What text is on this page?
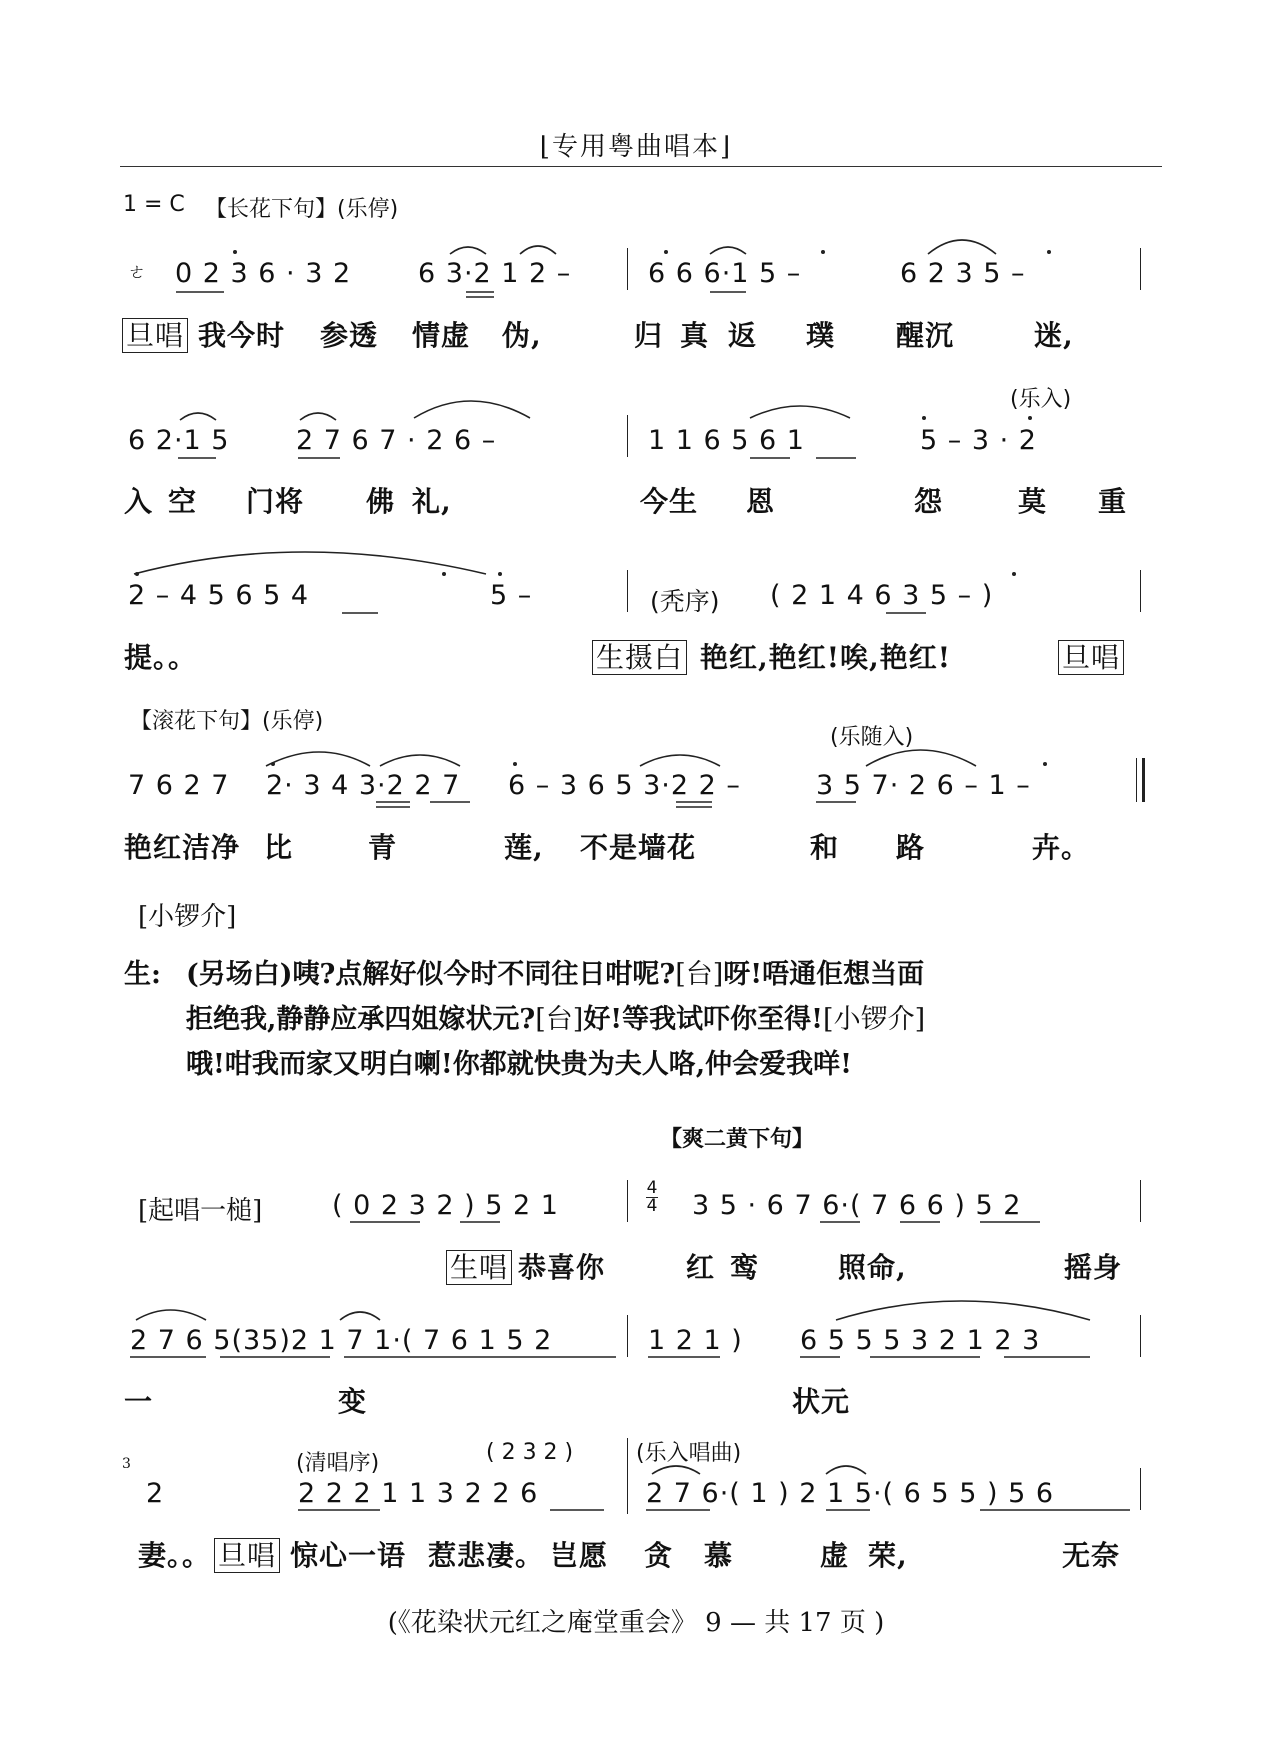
⌊专用粤曲唱本⌋
1 = C 【长花下句】(乐停)
ㄜ 0 2 3 6 · 3 2 6 3·2 1 2 –	6 6 6·1 5 –	6 2 3 5 –
旦唱 我今时 参透 情虚 伪,	归 真 返 璞 醒沉	迷,
(乐入)
6 2·1 5 2 7 6 7 · 2 6 –	1 1 6 5 6 1	5 – 3 · 2
入 空 门将 佛 礼,	今生 恩	怨	莫 重
2 – 4 5 6 5 4	5 –	(秃序) ( 2 1 4 6 3 5 – )
提。。	生摄白 艳红,艳红!唉,艳红!	旦唱
【滚花下句】(乐停)
(乐随入)
7 6 2 7 2· 3 4 3·2 2 7 6 – 3 6 5 3·2 2 –	3 5 7· 2 6 – 1 –
艳红洁净 比	青	莲, 不是墙花	和 路	卉。
[小锣介]
生: (另场白)咦?点解好似今时不同往日咁呢?[台]呀!唔通佢想当面
拒绝我,静静应承四姐嫁状元?[台]好!等我试吓你至得![小锣介]
哦!咁我而家又明白喇!你都就快贵为夫人咯,仲会爱我咩!
【爽二黄下句】
[起唱一槌]	( 0 2 3 2 ) 5 2 1
4
4 3 5 · 6 7 6·( 7 6 6 ) 5 2
生唱 恭喜你	红 鸾	照命,	摇身
2 7 6 5(35)2 1 7 1·( 7 6 1 5 2	1 2 1 ) 6 5 5 5 3 2 1 2 3
一	变	状元
(清唱序)	( 2 3 2 )	(乐入唱曲)
3
2	2 2 2 1 1 3 2 2 6	2 7 6·( 1 ) 2 1 5·( 6 5 5 ) 5 6
妻。。 旦唱 惊心一语 惹悲凄。 岂愿 贪 慕	虚 荣,	无奈
(《花染状元红之庵堂重会》 9 — 共 17 页 )
